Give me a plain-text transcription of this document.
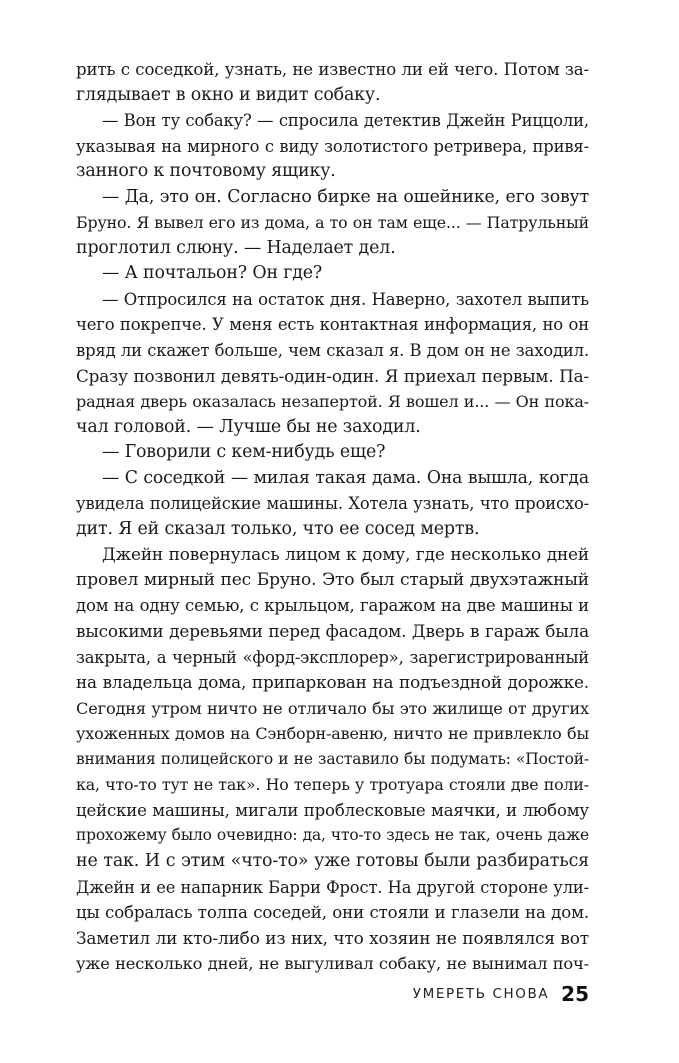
рить с соседкой, узнать, не известно ли ей чего. Потом за-
глядывает в окно и видит собаку.
— Вон ту собаку? — спросила детектив Джейн Риццоли,
указывая на мирного с виду золотистого ретривера, привя-
занного к почтовому ящику.
— Да, это он. Согласно бирке на ошейнике, его зовут
Бруно. Я вывел его из дома, а то он там еще... — Патрульный
проглотил слюну. — Наделает дел.
— А почтальон? Он где?
— Отпросился на остаток дня. Наверно, захотел выпить
чего покрепче. У меня есть контактная информация, но он
вряд ли скажет больше, чем сказал я. В дом он не заходил.
Сразу позвонил девять-один-один. Я приехал первым. Па-
радная дверь оказалась незапертой. Я вошел и... — Он пока-
чал головой. — Лучше бы не заходил.
— Говорили с кем-нибудь еще?
— С соседкой — милая такая дама. Она вышла, когда
увидела полицейские машины. Хотела узнать, что происхо-
дит. Я ей сказал только, что ее сосед мертв.
Джейн повернулась лицом к дому, где несколько дней
провел мирный пес Бруно. Это был старый двухэтажный
дом на одну семью, с крыльцом, гаражом на две машины и
высокими деревьями перед фасадом. Дверь в гараж была
закрыта, а черный «форд-эксплорер», зарегистрированный
на владельца дома, припаркован на подъездной дорожке.
Сегодня утром ничто не отличало бы это жилище от других
ухоженных домов на Сэнборн-авеню, ничто не привлекло бы
внимания полицейского и не заставило бы подумать: «Постой-
ка, что-то тут не так». Но теперь у тротуара стояли две поли-
цейские машины, мигали проблесковые маячки, и любому
прохожему было очевидно: да, что-то здесь не так, очень даже
не так. И с этим «что-то» уже готовы были разбираться
Джейн и ее напарник Барри Фрост. На другой стороне ули-
цы собралась толпа соседей, они стояли и глазели на дом.
Заметил ли кто-либо из них, что хозяин не появлялся вот
уже несколько дней, не выгуливал собаку, не вынимал поч-
УМЕРЕТЬ СНОВА 25
